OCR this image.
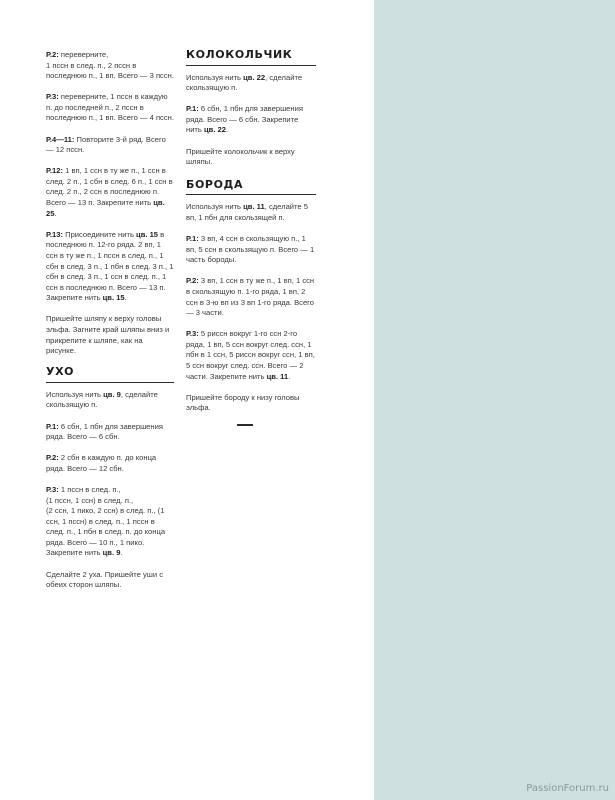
Р.2: переверните,
1 пссн в след. п., 2 пссн в последнюю п., 1 вп. Всего — 3 пссн.

Р.3: переверните, 1 пссн в каждую п. до последней п., 2 пссн в последнюю п., 1 вп. Всего — 4 пссн.

Р.4—11: Повторите 3-й ряд. Всего — 12 пссн.

Р.12: 1 вп, 1 ссн в ту же п., 1 ссн в след. 2 п., 1 сбн в след. 6 п., 1 ссн в след. 2 п., 2 ссн в последнюю п. Всего — 13 п. Закрепите нить цв. 25.

Р.13: Присоедините нить цв. 15 в последнюю п. 12-го ряда. 2 вп, 1 ссн в ту же п., 1 пссн в след. п., 1 сбн в след. 3 п., 1 пбн в след. 3 п., 1 сбн в след. 3 п., 1 ссн в след. п., 1 ссн в последнюю п. Всего — 13 п. Закрепите нить цв. 15.

Пришейте шляпу к верху головы эльфа. Загните край шляпы вниз и прикрепите к шляпе, как на рисунке.

УХО

Используя нить цв. 9, сделайте скользящую п.

Р.1: 6 сбн, 1 пбн для завершения ряда. Всего — 6 сбн.

Р.2: 2 сбн в каждую п. до конца ряда. Всего — 12 сбн.

Р.3: 1 пссн в след. п.,
(1 пссн, 1 ссн) в след. п.,
(2 ссн, 1 пико, 2 ссн) в след. п., (1 ссн, 1 пссн) в след. п., 1 пссн в след. п., 1 пбн в след. п. до конца ряда. Всего — 10 п., 1 пико. Закрепите нить цв. 9.

Сделайте 2 уха. Пришейте уши с обеих сторон шляпы.

КОЛОКОЛЬЧИК

Используя нить цв. 22, сделайте скользящую п.

Р.1: 6 сбн, 1 пбн для завершения ряда. Всего — 6 сбн. Закрепите нить цв. 22.

Пришейте колокольчик к верху шляпы.

БОРОДА

Используя нить цв. 11, сделайте 5 вп, 1 пбн для скользящей п.

Р.1: 3 вп, 4 ссн в скользящую п., 1 вп, 5 ссн в скользящую п. Всего — 1 часть бороды.

Р.2: 3 вп, 1 ссн в ту же п., 1 вп, 1 ссн в скользящую п. 1-го ряда, 1 вп, 2 ссн в 3-ю вп из 3 вп 1-го ряда. Всего — 3 части.

Р.3: 5 риссн вокруг 1-го ссн 2-го ряда, 1 вп, 5 ссн вокруг след. ссн, 1 пбн в 1 ссн, 5 риссн вокруг ссн, 1 вп, 5 ссн вокруг след. ссн. Всего — 2 части. Закрепите нить цв. 11.

Пришейте бороду к низу головы эльфа.

PassionForum.ru
